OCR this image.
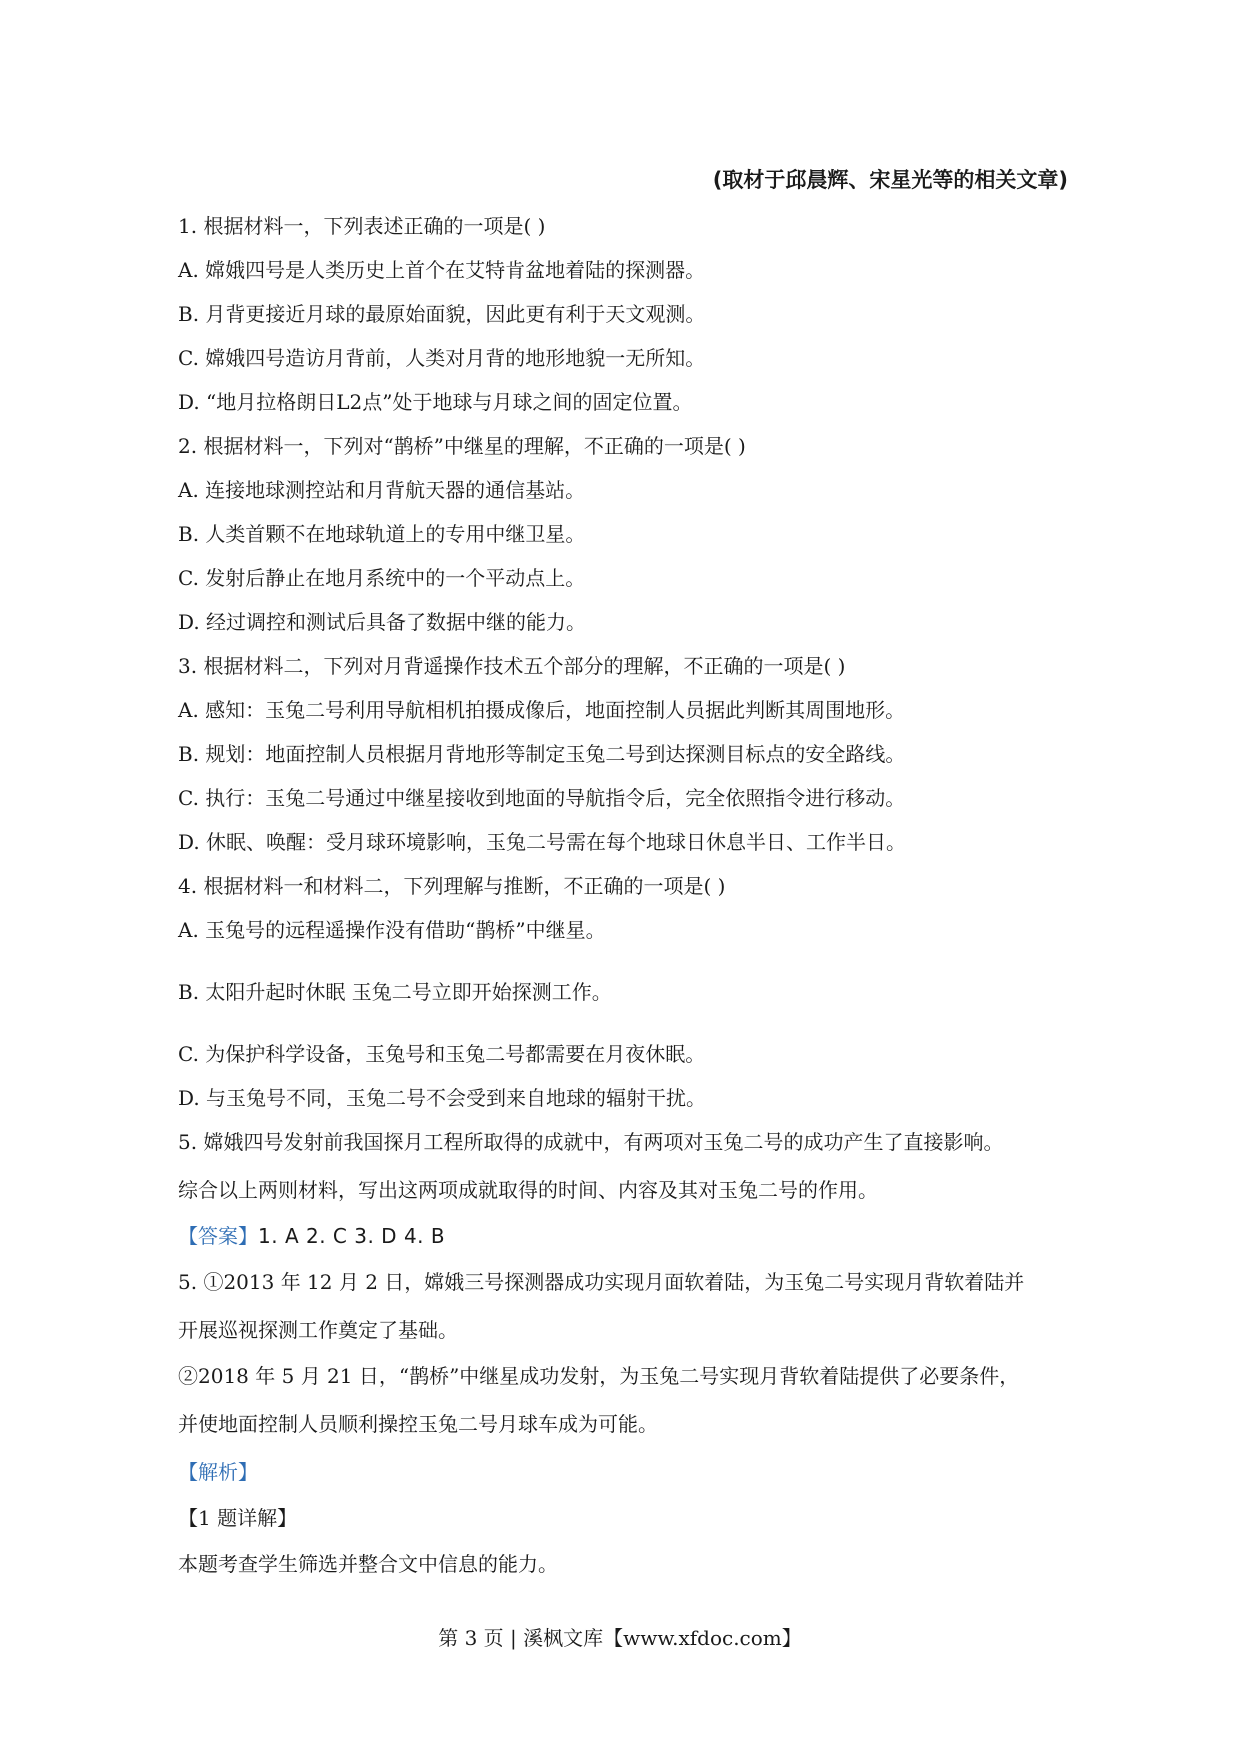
(取材于邱晨辉、宋星光等的相关文章)
1. 根据材料一，下列表述正确的一项是( )
A. 嫦娥四号是人类历史上首个在艾特肯盆地着陆的探测器。
B. 月背更接近月球的最原始面貌，因此更有利于天文观测。
C. 嫦娥四号造访月背前，人类对月背的地形地貌一无所知。
D. “地月拉格朗日L2点”处于地球与月球之间的固定位置。
2. 根据材料一，下列对“鹊桥”中继星的理解，不正确的一项是( )
A. 连接地球测控站和月背航天器的通信基站。
B. 人类首颗不在地球轨道上的专用中继卫星。
C. 发射后静止在地月系统中的一个平动点上。
D. 经过调控和测试后具备了数据中继的能力。
3. 根据材料二，下列对月背遥操作技术五个部分的理解，不正确的一项是( )
A. 感知：玉兔二号利用导航相机拍摄成像后，地面控制人员据此判断其周围地形。
B. 规划：地面控制人员根据月背地形等制定玉兔二号到达探测目标点的安全路线。
C. 执行：玉兔二号通过中继星接收到地面的导航指令后，完全依照指令进行移动。
D. 休眠、唤醒：受月球环境影响，玉兔二号需在每个地球日休息半日、工作半日。
4. 根据材料一和材料二，下列理解与推断，不正确的一项是( )
A. 玉兔号的远程遥操作没有借助“鹊桥”中继星。
B. 太阳升起时休眠 玉兔二号立即开始探测工作。
C. 为保护科学设备，玉兔号和玉兔二号都需要在月夜休眠。
D. 与玉兔号不同，玉兔二号不会受到来自地球的辐射干扰。
5. 嫦娥四号发射前我国探月工程所取得的成就中，有两项对玉兔二号的成功产生了直接影响。
综合以上两则材料，写出这两项成就取得的时间、内容及其对玉兔二号的作用。
【答案】1. A 2. C 3. D 4. B
5. ①2013 年 12 月 2 日，嫦娥三号探测器成功实现月面软着陆，为玉兔二号实现月背软着陆并
开展巡视探测工作奠定了基础。
②2018 年 5 月 21 日，“鹊桥”中继星成功发射，为玉兔二号实现月背软着陆提供了必要条件，
并使地面控制人员顺利操控玉兔二号月球车成为可能。
【解析】
【1 题详解】
本题考查学生筛选并整合文中信息的能力。
第 3 页 | 溪枫文库【www.xfdoc.com】
